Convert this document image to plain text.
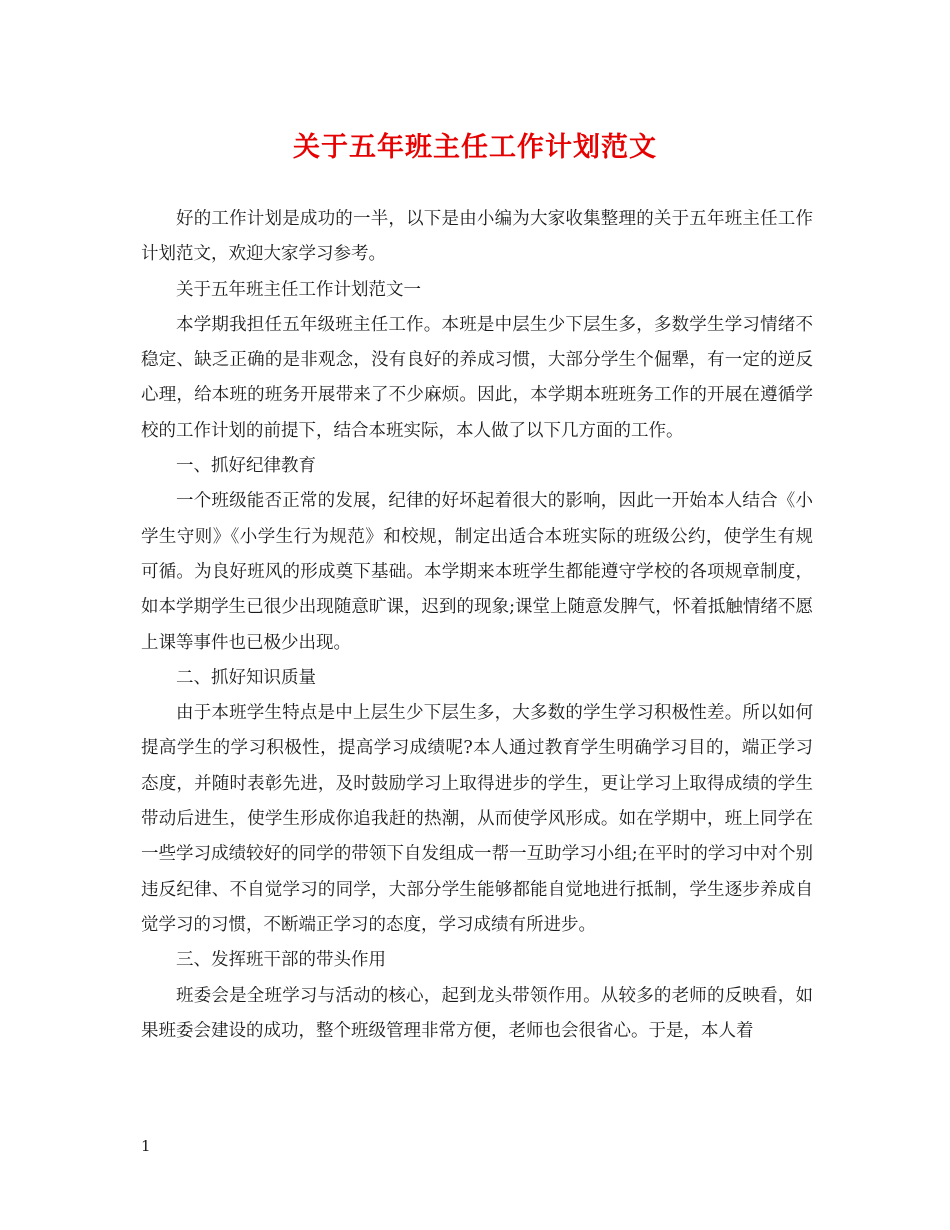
关于五年班主任工作计划范文

好的工作计划是成功的一半，以下是由小编为大家收集整理的关于五年班主任工作计划范文，欢迎大家学习参考。

关于五年班主任工作计划范文一

本学期我担任五年级班主任工作。本班是中层生少下层生多，多数学生学习情绪不稳定、缺乏正确的是非观念，没有良好的养成习惯，大部分学生个倔犟，有一定的逆反心理，给本班的班务开展带来了不少麻烦。因此，本学期本班班务工作的开展在遵循学校的工作计划的前提下，结合本班实际，本人做了以下几方面的工作。

一、抓好纪律教育

一个班级能否正常的发展，纪律的好坏起着很大的影响，因此一开始本人结合《小学生守则》《小学生行为规范》和校规，制定出适合本班实际的班级公约，使学生有规可循。为良好班风的形成奠下基础。本学期来本班学生都能遵守学校的各项规章制度，如本学期学生已很少出现随意旷课，迟到的现象;课堂上随意发脾气，怀着抵触情绪不愿上课等事件也已极少出现。

二、抓好知识质量

由于本班学生特点是中上层生少下层生多，大多数的学生学习积极性差。所以如何提高学生的学习积极性，提高学习成绩呢?本人通过教育学生明确学习目的，端正学习态度，并随时表彰先进，及时鼓励学习上取得进步的学生，更让学习上取得成绩的学生带动后进生，使学生形成你追我赶的热潮，从而使学风形成。如在学期中，班上同学在一些学习成绩较好的同学的带领下自发组成一帮一互助学习小组;在平时的学习中对个别违反纪律、不自觉学习的同学，大部分学生能够都能自觉地进行抵制，学生逐步养成自觉学习的习惯，不断端正学习的态度，学习成绩有所进步。

三、发挥班干部的带头作用

班委会是全班学习与活动的核心，起到龙头带领作用。从较多的老师的反映看，如果班委会建设的成功，整个班级管理非常方便，老师也会很省心。于是，本人着

1
